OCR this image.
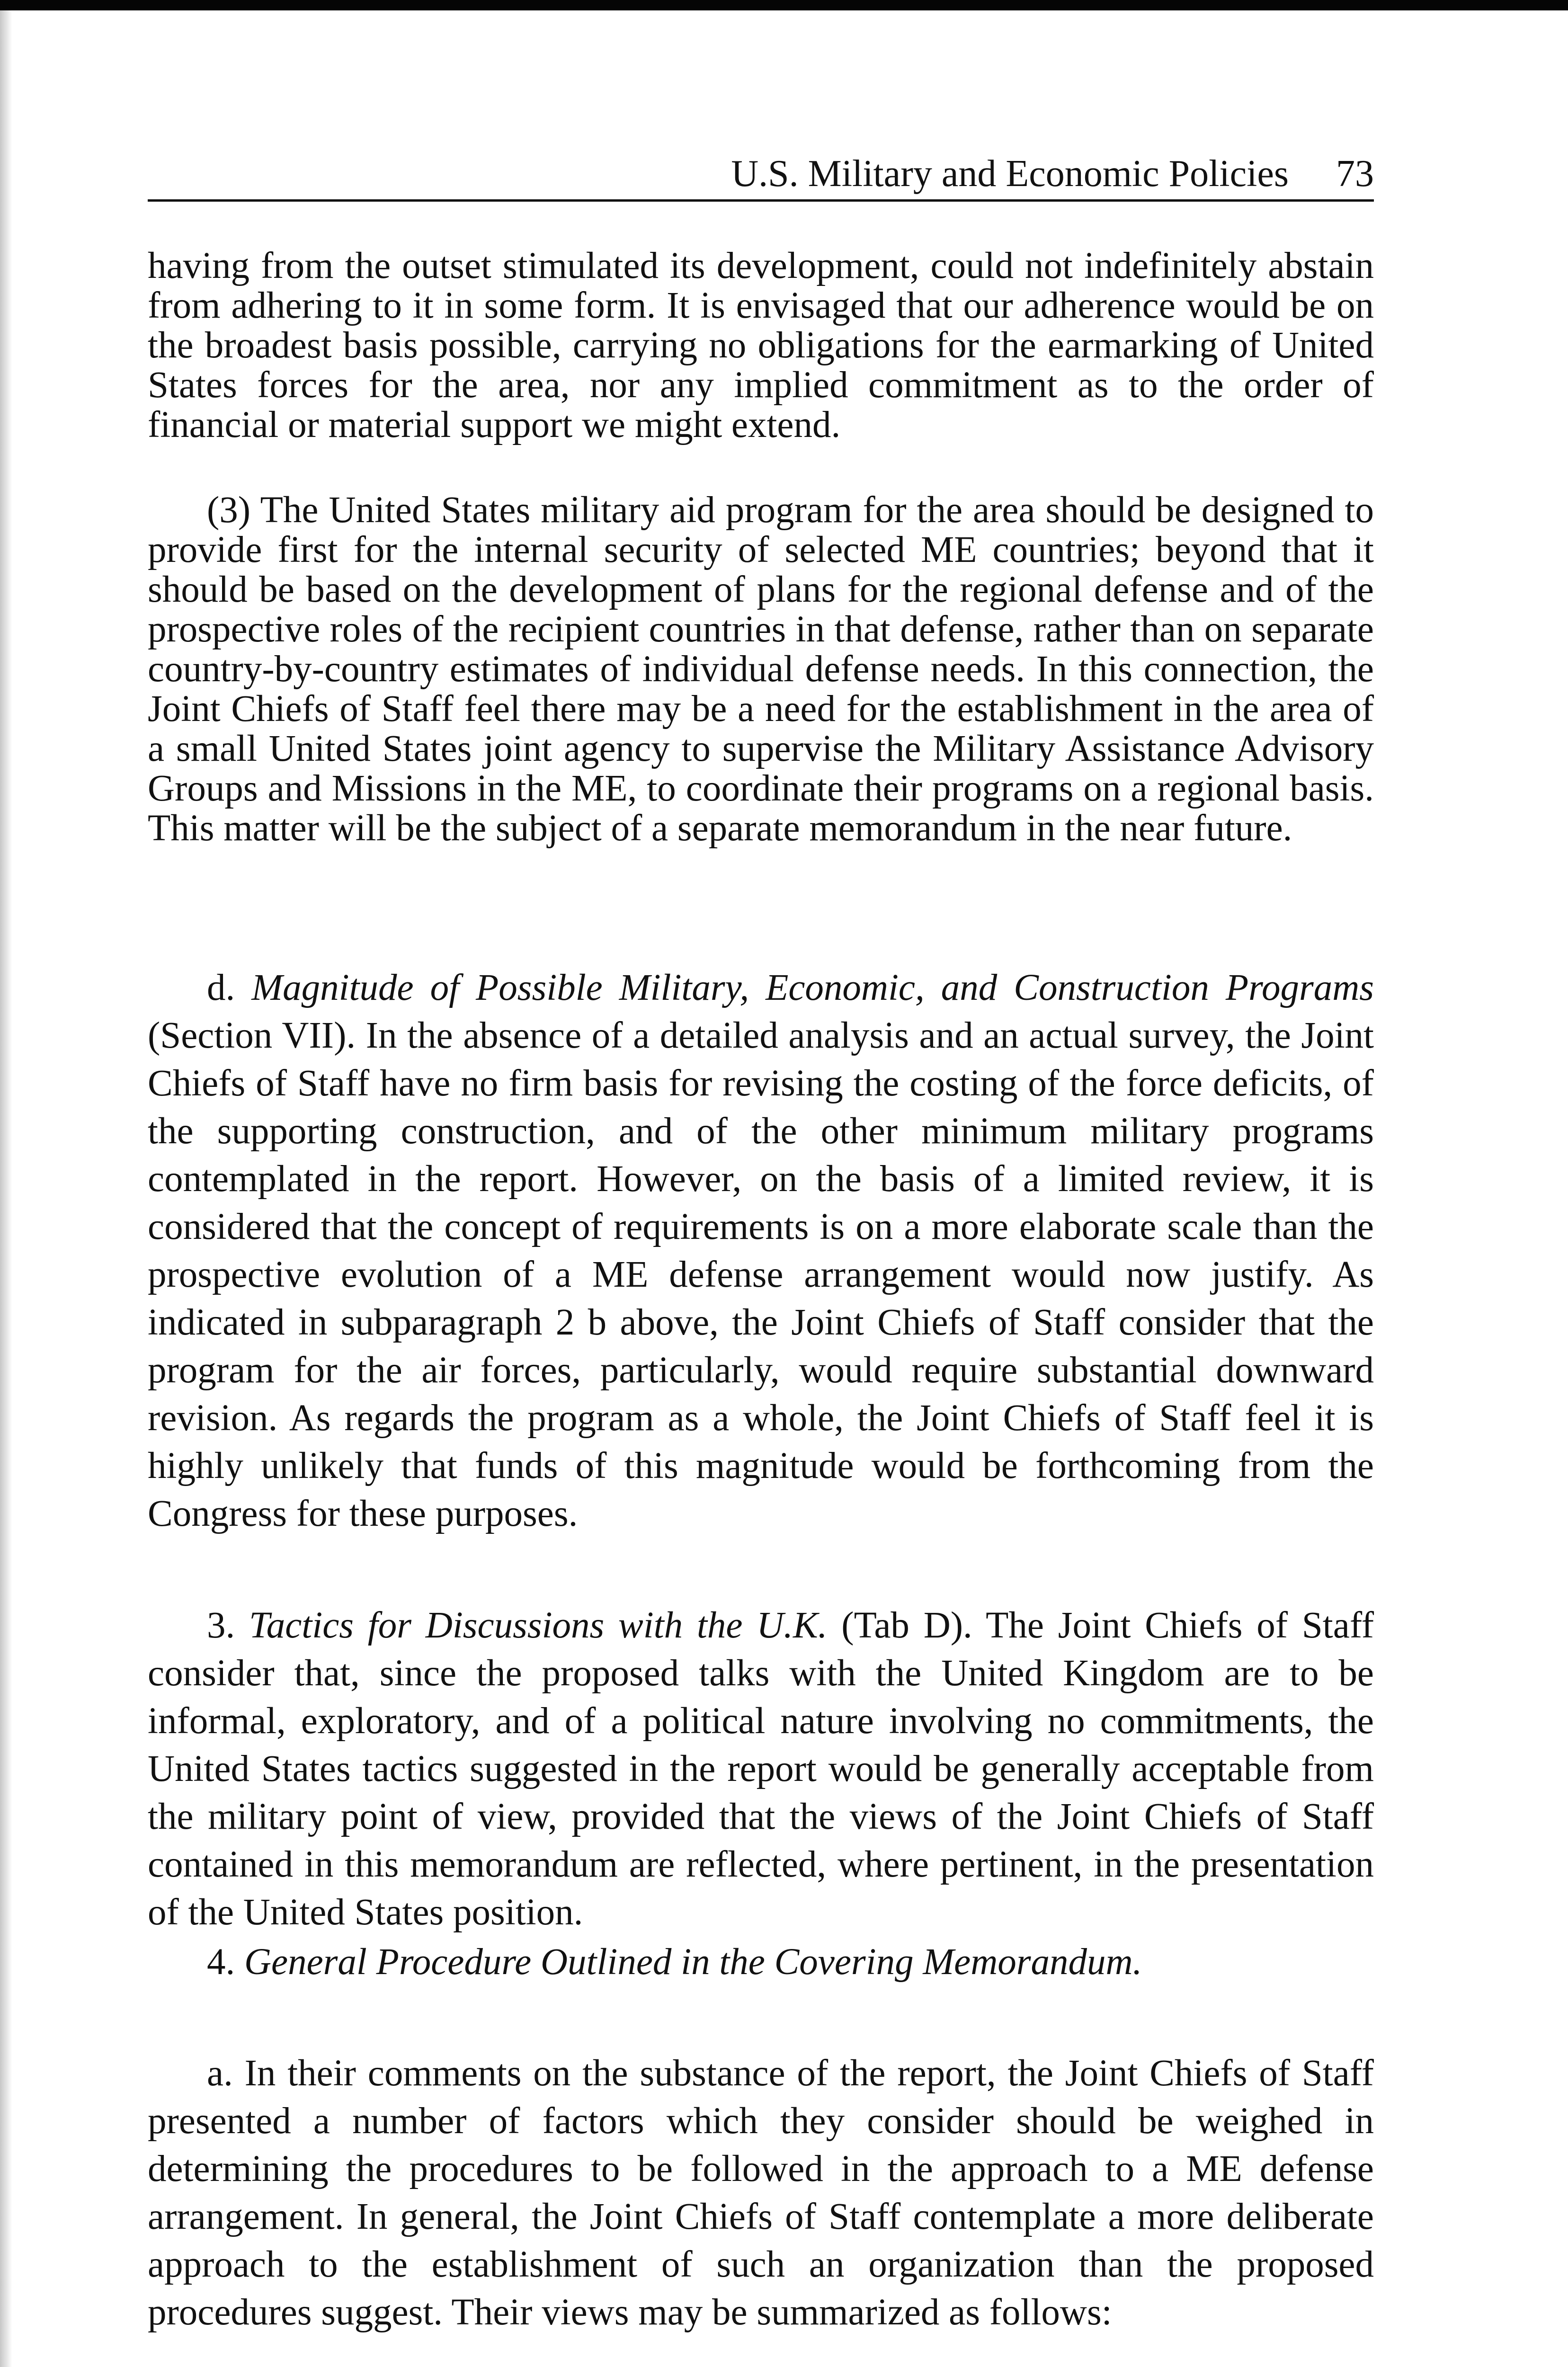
U.S. Military and Economic Policies 73

having from the outset stimulated its development, could not indefinitely abstain from adhering to it in some form. It is envisaged that our adherence would be on the broadest basis possible, carrying no obligations for the earmarking of United States forces for the area, nor any implied commitment as to the order of financial or material support we might extend.

(3) The United States military aid program for the area should be designed to provide first for the internal security of selected ME countries; beyond that it should be based on the development of plans for the regional defense and of the prospective roles of the recipient countries in that defense, rather than on separate country-by-country estimates of individual defense needs. In this connection, the Joint Chiefs of Staff feel there may be a need for the establishment in the area of a small United States joint agency to supervise the Military Assistance Advisory Groups and Missions in the ME, to coordinate their programs on a regional basis. This matter will be the subject of a separate memorandum in the near future.

d. Magnitude of Possible Military, Economic, and Construction Programs (Section VII). In the absence of a detailed analysis and an actual survey, the Joint Chiefs of Staff have no firm basis for revising the costing of the force deficits, of the supporting construction, and of the other minimum military programs contemplated in the report. However, on the basis of a limited review, it is considered that the concept of requirements is on a more elaborate scale than the prospective evolution of a ME defense arrangement would now justify. As indicated in subparagraph 2 b above, the Joint Chiefs of Staff consider that the program for the air forces, particularly, would require substantial downward revision. As regards the program as a whole, the Joint Chiefs of Staff feel it is highly unlikely that funds of this magnitude would be forthcoming from the Congress for these purposes.

3. Tactics for Discussions with the U.K. (Tab D). The Joint Chiefs of Staff consider that, since the proposed talks with the United Kingdom are to be informal, exploratory, and of a political nature involving no commitments, the United States tactics suggested in the report would be generally acceptable from the military point of view, provided that the views of the Joint Chiefs of Staff contained in this memorandum are reflected, where pertinent, in the presentation of the United States position.

4. General Procedure Outlined in the Covering Memorandum.

a. In their comments on the substance of the report, the Joint Chiefs of Staff presented a number of factors which they consider should be weighed in determining the procedures to be followed in the approach to a ME defense arrangement. In general, the Joint Chiefs of Staff contemplate a more deliberate approach to the establishment of such an organization than the proposed procedures suggest. Their views may be summarized as follows:
